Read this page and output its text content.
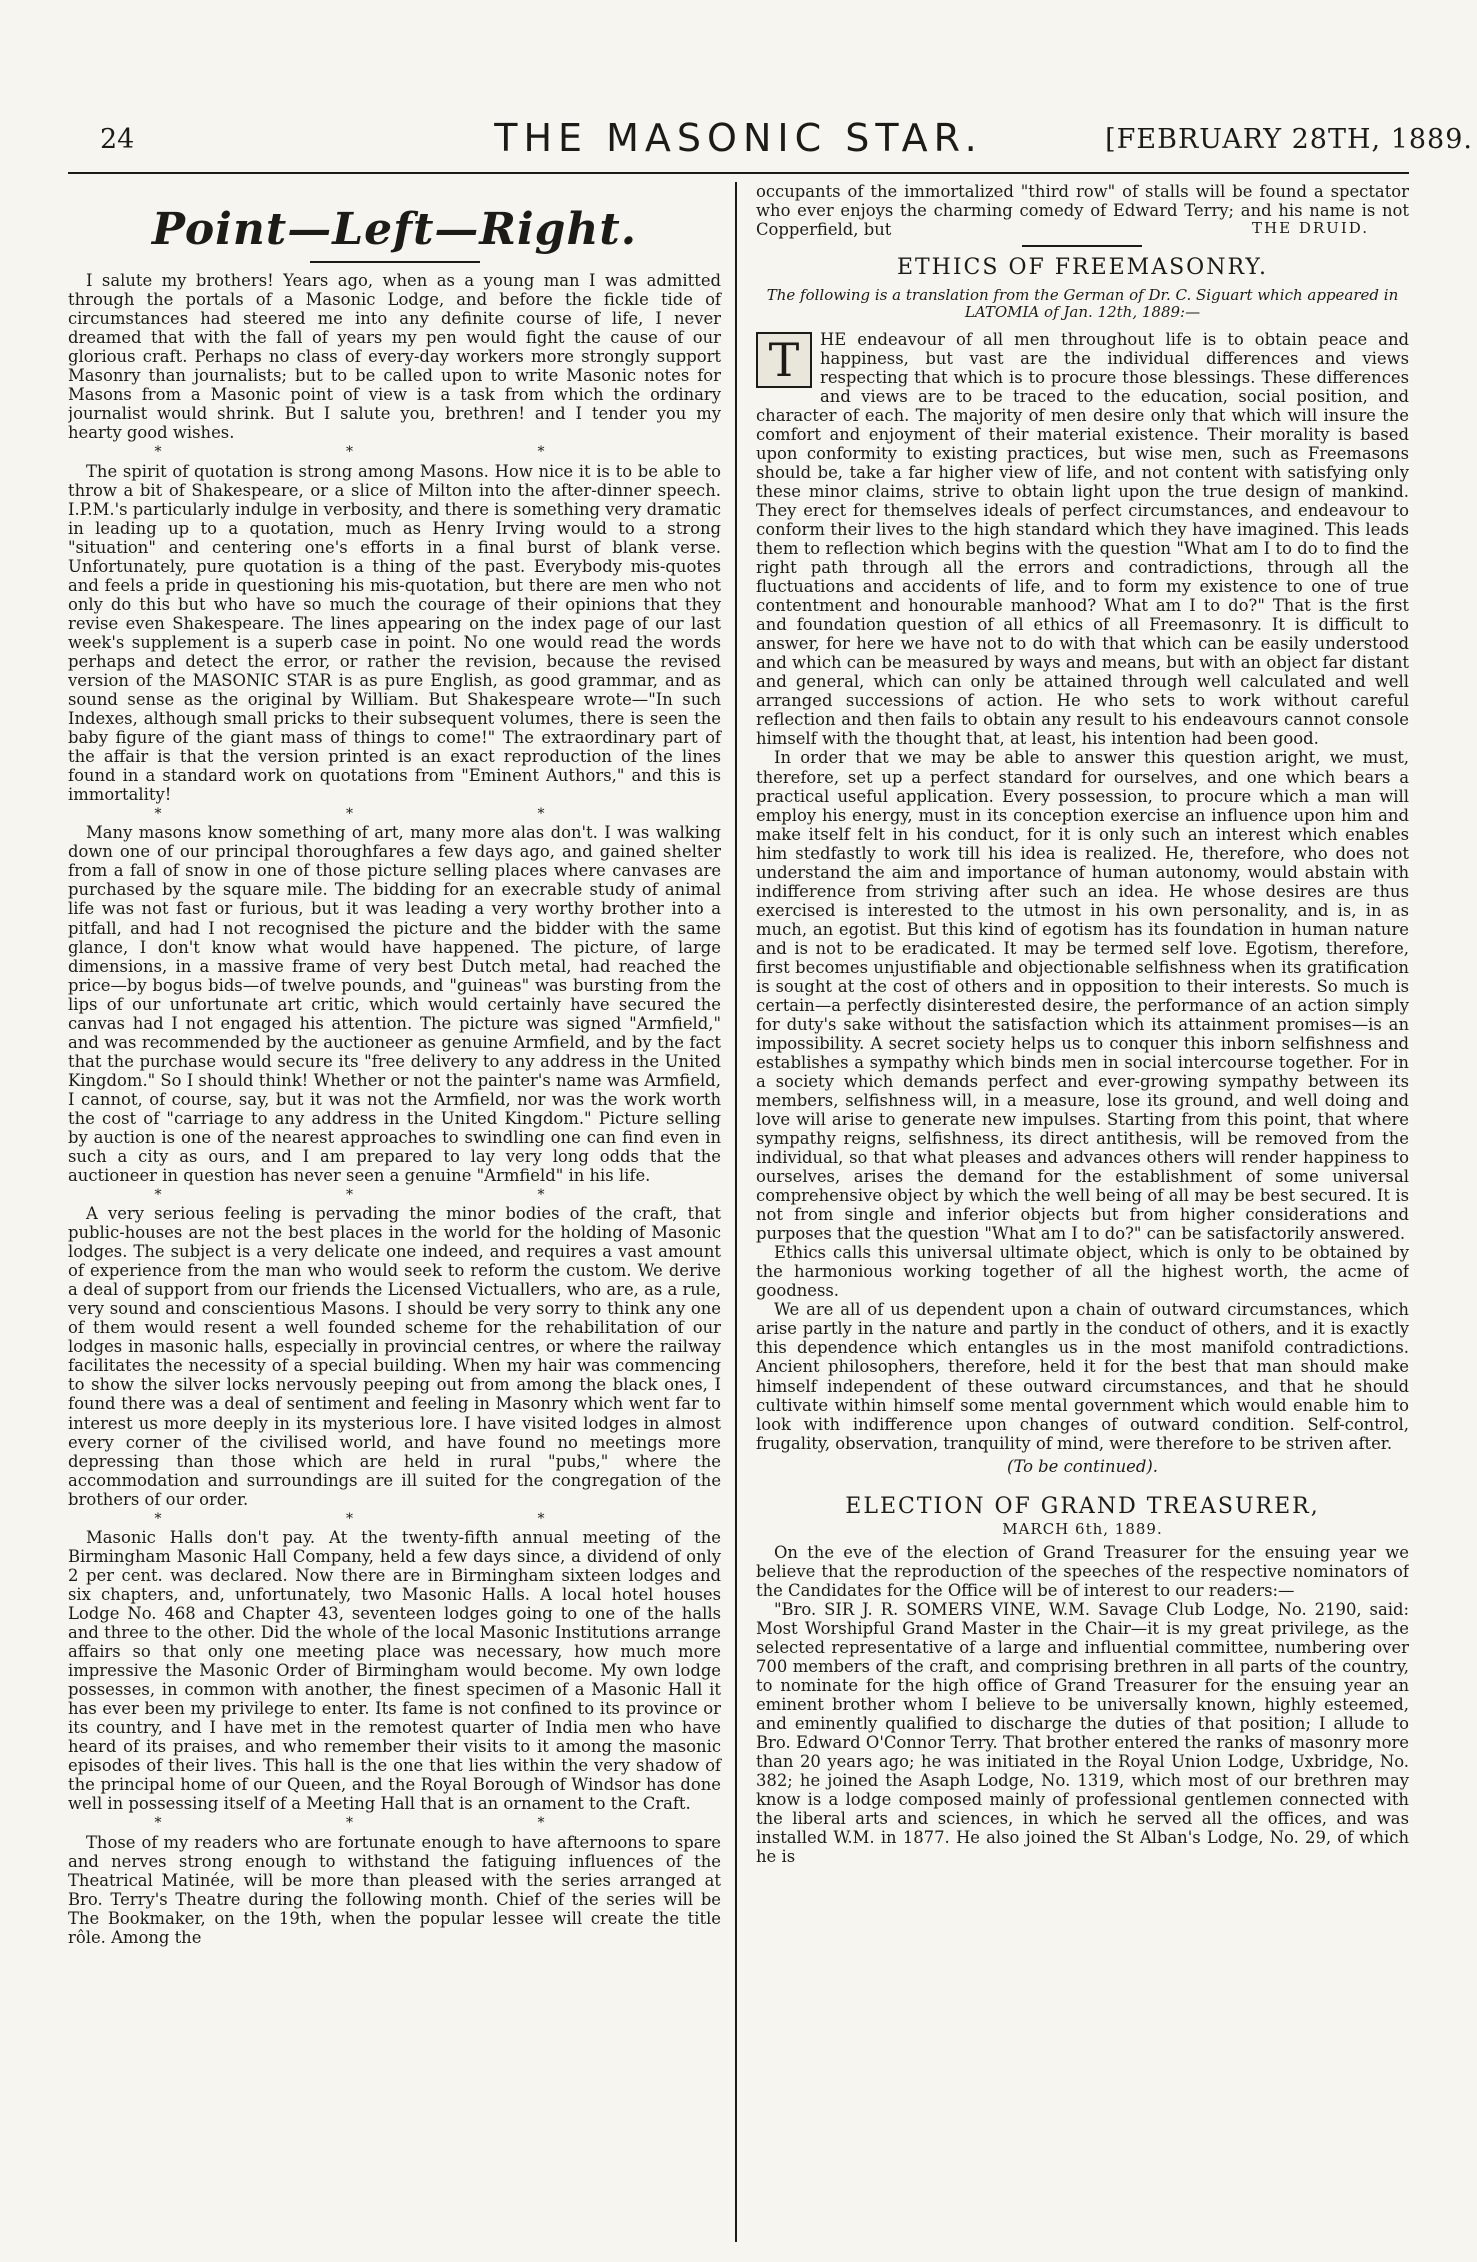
24	THE MASONIC STAR.	[FEBRUARY 28TH, 1889.
Point—Left—Right.

I salute my brothers! Years ago, when as a young man I was admitted through the portals of a Masonic Lodge, and before the fickle tide of circumstances had steered me into any definite course of life, I never dreamed that with the fall of years my pen would fight the cause of our glorious craft. Perhaps no class of every-day workers more strongly support Masonry than journalists; but to be called upon to write Masonic notes for Masons from a Masonic point of view is a task from which the ordinary journalist would shrink. But I salute you, brethren! and I tender you my hearty good wishes.

* * *

The spirit of quotation is strong among Masons. How nice it is to be able to throw a bit of Shakespeare, or a slice of Milton into the after-dinner speech. I.P.M.'s particularly indulge in verbosity, and there is something very dramatic in leading up to a quotation, much as Henry Irving would to a strong "situation" and centering one's efforts in a final burst of blank verse. Unfortunately, pure quotation is a thing of the past. Everybody mis-quotes and feels a pride in questioning his mis-quotation, but there are men who not only do this but who have so much the courage of their opinions that they revise even Shakespeare. The lines appearing on the index page of our last week's supplement is a superb case in point. No one would read the words perhaps and detect the error, or rather the revision, because the revised version of the MASONIC STAR is as pure English, as good grammar, and as sound sense as the original by William. But Shakespeare wrote—"In such Indexes, although small pricks to their subsequent volumes, there is seen the baby figure of the giant mass of things to come!" The extraordinary part of the affair is that the version printed is an exact reproduction of the lines found in a standard work on quotations from "Eminent Authors," and this is immortality!

* * *

Many masons know something of art, many more alas don't. I was walking down one of our principal thoroughfares a few days ago, and gained shelter from a fall of snow in one of those picture selling places where canvases are purchased by the square mile. The bidding for an execrable study of animal life was not fast or furious, but it was leading a very worthy brother into a pitfall, and had I not recognised the picture and the bidder with the same glance, I don't know what would have happened. The picture, of large dimensions, in a massive frame of very best Dutch metal, had reached the price—by bogus bids—of twelve pounds, and "guineas" was bursting from the lips of our unfortunate art critic, which would certainly have secured the canvas had I not engaged his attention. The picture was signed "Armfield," and was recommended by the auctioneer as genuine Armfield, and by the fact that the purchase would secure its "free delivery to any address in the United Kingdom." So I should think! Whether or not the painter's name was Armfield, I cannot, of course, say, but it was not the Armfield, nor was the work worth the cost of "carriage to any address in the United Kingdom." Picture selling by auction is one of the nearest approaches to swindling one can find even in such a city as ours, and I am prepared to lay very long odds that the auctioneer in question has never seen a genuine "Armfield" in his life.

* * *

A very serious feeling is pervading the minor bodies of the craft, that public-houses are not the best places in the world for the holding of Masonic lodges. The subject is a very delicate one indeed, and requires a vast amount of experience from the man who would seek to reform the custom. We derive a deal of support from our friends the Licensed Victuallers, who are, as a rule, very sound and conscientious Masons. I should be very sorry to think any one of them would resent a well founded scheme for the rehabilitation of our lodges in masonic halls, especially in provincial centres, or where the railway facilitates the necessity of a special building. When my hair was commencing to show the silver locks nervously peeping out from among the black ones, I found there was a deal of sentiment and feeling in Masonry which went far to interest us more deeply in its mysterious lore. I have visited lodges in almost every corner of the civilised world, and have found no meetings more depressing than those which are held in rural "pubs," where the accommodation and surroundings are ill suited for the congregation of the brothers of our order.

* * *

Masonic Halls don't pay. At the twenty-fifth annual meeting of the Birmingham Masonic Hall Company, held a few days since, a dividend of only 2 per cent. was declared. Now there are in Birmingham sixteen lodges and six chapters, and, unfortunately, two Masonic Halls. A local hotel houses Lodge No. 468 and Chapter 43, seventeen lodges going to one of the halls and three to the other. Did the whole of the local Masonic Institutions arrange affairs so that only one meeting place was necessary, how much more impressive the Masonic Order of Birmingham would become. My own lodge possesses, in common with another, the finest specimen of a Masonic Hall it has ever been my privilege to enter. Its fame is not confined to its province or its country, and I have met in the remotest quarter of India men who have heard of its praises, and who remember their visits to it among the masonic episodes of their lives. This hall is the one that lies within the very shadow of the principal home of our Queen, and the Royal Borough of Windsor has done well in possessing itself of a Meeting Hall that is an ornament to the Craft.

* * *

Those of my readers who are fortunate enough to have afternoons to spare and nerves strong enough to withstand the fatiguing influences of the Theatrical Matinée, will be more than pleased with the series arranged at Bro. Terry's Theatre during the following month. Chief of the series will be The Bookmaker, on the 19th, when the popular lessee will create the title rôle. Among the

occupants of the immortalized "third row" of stalls will be found a spectator who ever enjoys the charming comedy of Edward Terry; and his name is not Copperfield, but	THE DRUID.
ETHICS OF FREEMASONRY.
The following is a translation from the German of Dr. C. Siguart which appeared in LATOMIA of Jan. 12th, 1889:—

T	HE endeavour of all men throughout life is to obtain peace and happiness, but vast are the individual differences and views respecting that which is to procure those blessings. These differences and views are to be traced to the education, social position, and character of each. The majority of men desire only that which will insure the comfort and enjoyment of their material existence. Their morality is based upon conformity to existing practices, but wise men, such as Freemasons should be, take a far higher view of life, and not content with satisfying only these minor claims, strive to obtain light upon the true design of mankind. They erect for themselves ideals of perfect circumstances, and endeavour to conform their lives to the high standard which they have imagined. This leads them to reflection which begins with the question "What am I to do to find the right path through all the errors and contradictions, through all the fluctuations and accidents of life, and to form my existence to one of true contentment and honourable manhood? What am I to do?" That is the first and foundation question of all ethics of all Freemasonry. It is difficult to answer, for here we have not to do with that which can be easily understood and which can be measured by ways and means, but with an object far distant and general, which can only be attained through well calculated and well arranged successions of action. He who sets to work without careful reflection and then fails to obtain any result to his endeavours cannot console himself with the thought that, at least, his intention had been good.

In order that we may be able to answer this question aright, we must, therefore, set up a perfect standard for ourselves, and one which bears a practical useful application. Every possession, to procure which a man will employ his energy, must in its conception exercise an influence upon him and make itself felt in his conduct, for it is only such an interest which enables him stedfastly to work till his idea is realized. He, therefore, who does not understand the aim and importance of human autonomy, would abstain with indifference from striving after such an idea. He whose desires are thus exercised is interested to the utmost in his own personality, and is, in as much, an egotist. But this kind of egotism has its foundation in human nature and is not to be eradicated. It may be termed self love. Egotism, therefore, first becomes unjustifiable and objectionable selfishness when its gratification is sought at the cost of others and in opposition to their interests. So much is certain—a perfectly disinterested desire, the performance of an action simply for duty's sake without the satisfaction which its attainment promises—is an impossibility. A secret society helps us to conquer this inborn selfishness and establishes a sympathy which binds men in social intercourse together. For in a society which demands perfect and ever-growing sympathy between its members, selfishness will, in a measure, lose its ground, and well doing and love will arise to generate new impulses. Starting from this point, that where sympathy reigns, selfishness, its direct antithesis, will be removed from the individual, so that what pleases and advances others will render happiness to ourselves, arises the demand for the establishment of some universal comprehensive object by which the well being of all may be best secured. It is not from single and inferior objects but from higher considerations and purposes that the question "What am I to do?" can be satisfactorily answered.

Ethics calls this universal ultimate object, which is only to be obtained by the harmonious working together of all the highest worth, the acme of goodness.

We are all of us dependent upon a chain of outward circumstances, which arise partly in the nature and partly in the conduct of others, and it is exactly this dependence which entangles us in the most manifold contradictions. Ancient philosophers, therefore, held it for the best that man should make himself independent of these outward circumstances, and that he should cultivate within himself some mental government which would enable him to look with indifference upon changes of outward condition. Self-control, frugality, observation, tranquility of mind, were therefore to be striven after.

(To be continued).
ELECTION OF GRAND TREASURER,
MARCH 6th, 1889.

On the eve of the election of Grand Treasurer for the ensuing year we believe that the reproduction of the speeches of the respective nominators of the Candidates for the Office will be of interest to our readers:—

"Bro. SIR J. R. SOMERS VINE, W.M. Savage Club Lodge, No. 2190, said: Most Worshipful Grand Master in the Chair—it is my great privilege, as the selected representative of a large and influential committee, numbering over 700 members of the craft, and comprising brethren in all parts of the country, to nominate for the high office of Grand Treasurer for the ensuing year an eminent brother whom I believe to be universally known, highly esteemed, and eminently qualified to discharge the duties of that position; I allude to Bro. Edward O'Connor Terry. That brother entered the ranks of masonry more than 20 years ago; he was initiated in the Royal Union Lodge, Uxbridge, No. 382; he joined the Asaph Lodge, No. 1319, which most of our brethren may know is a lodge composed mainly of professional gentlemen connected with the liberal arts and sciences, in which he served all the offices, and was installed W.M. in 1877. He also joined the St Alban's Lodge, No. 29, of which he is
